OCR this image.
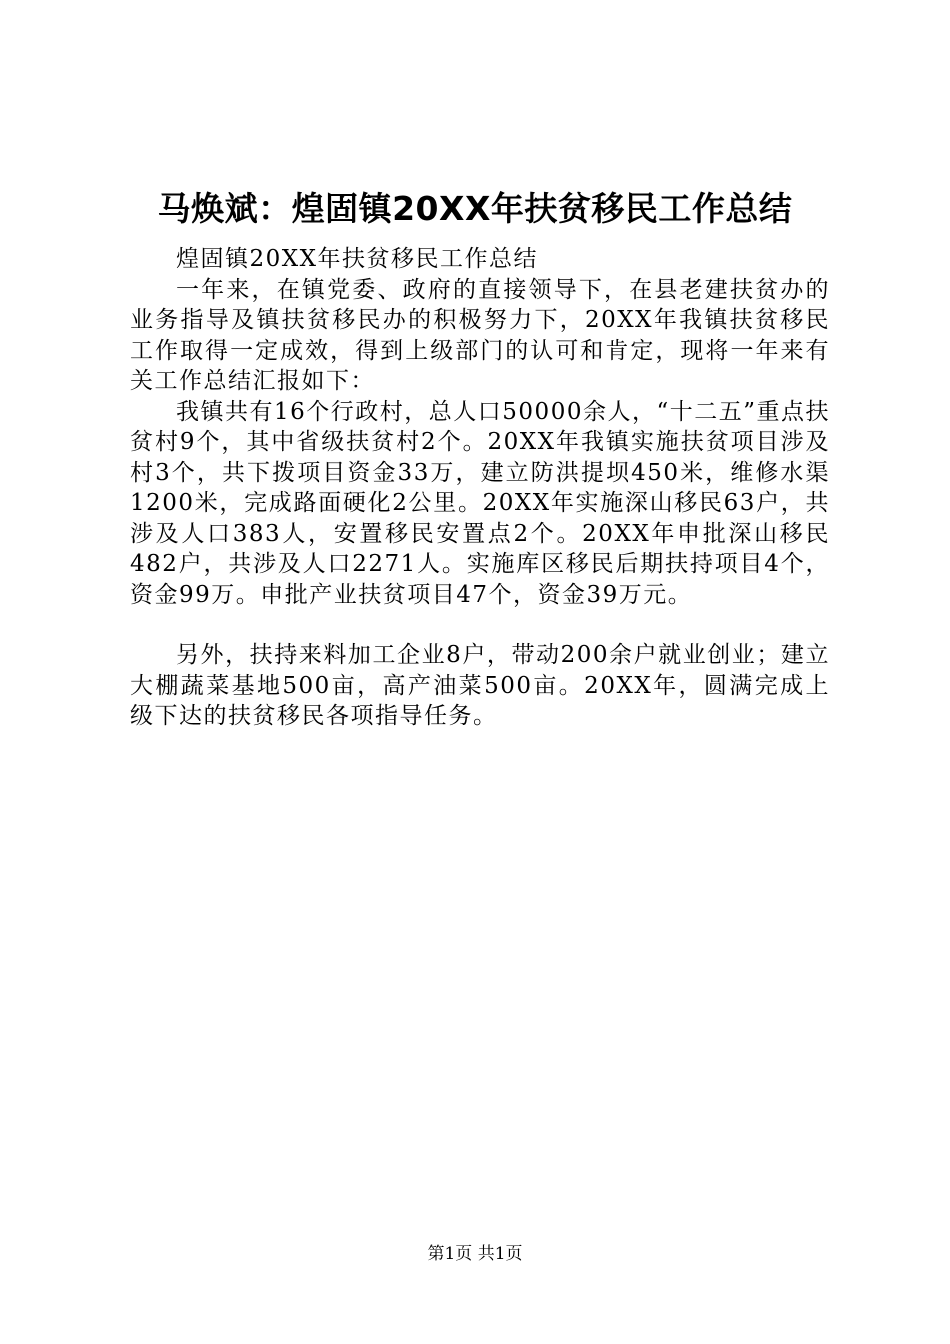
马焕斌：煌固镇20XX年扶贫移民工作总结

煌固镇20XX年扶贫移民工作总结

一年来，在镇党委、政府的直接领导下，在县老建扶贫办的业务指导及镇扶贫移民办的积极努力下，20XX年我镇扶贫移民工作取得一定成效，得到上级部门的认可和肯定，现将一年来有关工作总结汇报如下：

我镇共有16个行政村，总人口50000余人，“十二五”重点扶贫村9个，其中省级扶贫村2个。20XX年我镇实施扶贫项目涉及村3个，共下拨项目资金33万，建立防洪提坝450米，维修水渠1200米，完成路面硬化2公里。20XX年实施深山移民63户，共涉及人口383人，安置移民安置点2个。20XX年申批深山移民482户，共涉及人口2271人。实施库区移民后期扶持项目4个，资金99万。申批产业扶贫项目47个，资金39万元。

另外，扶持来料加工企业8户，带动200余户就业创业；建立大棚蔬菜基地500亩，高产油菜500亩。20XX年，圆满完成上级下达的扶贫移民各项指导任务。

第1页 共1页
